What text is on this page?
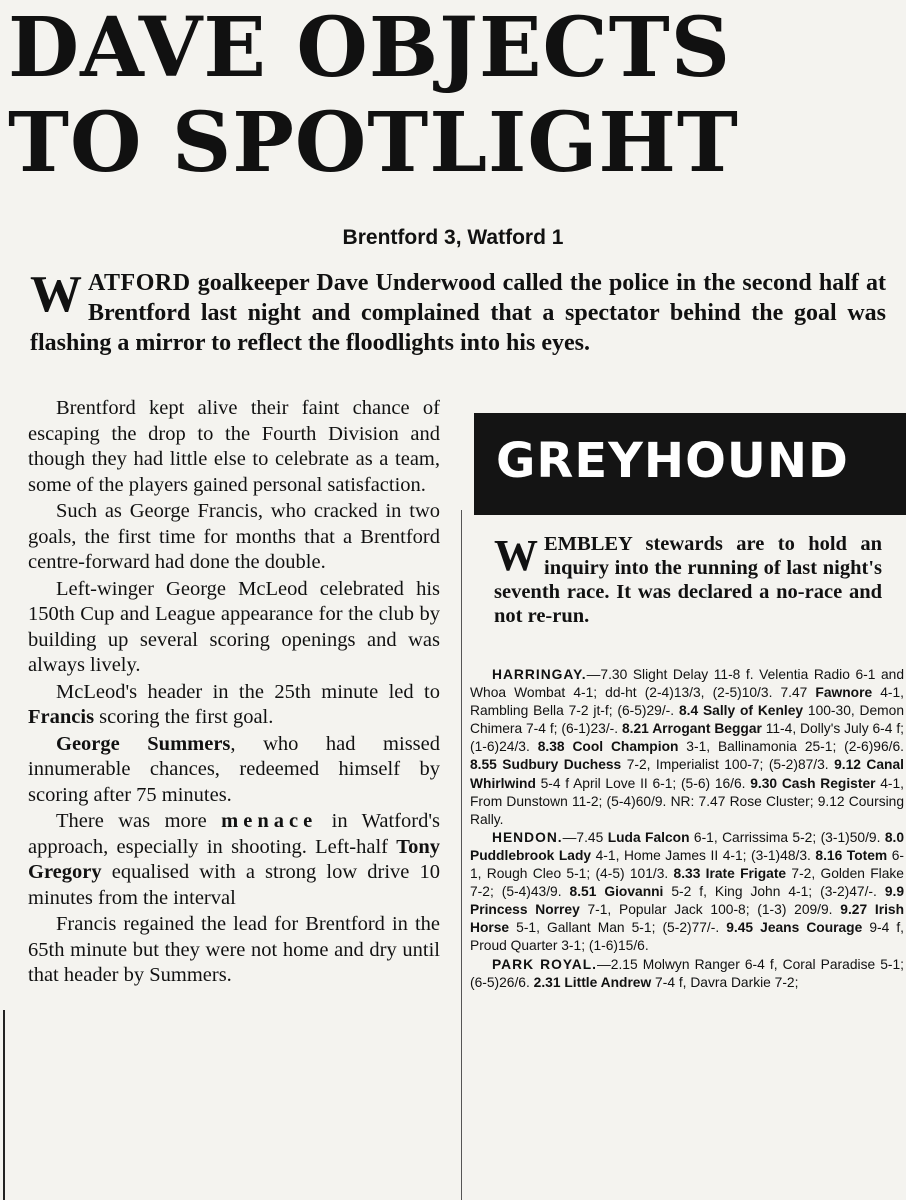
DAVE OBJECTS
TO SPOTLIGHT
Brentford 3, Watford 1

WATFORD goalkeeper Dave Underwood called the police in the second half at Brentford last night and complained that a spectator behind the goal was flashing a mirror to reflect the floodlights into his eyes.

Brentford kept alive their faint chance of escaping the drop to the Fourth Division and though they had little else to celebrate as a team, some of the players gained personal satisfaction.

Such as George Francis, who cracked in two goals, the first time for months that a Brentford centre-forward had done the double.

Left-winger George McLeod celebrated his 150th Cup and League appearance for the club by building up several scoring openings and was always lively.

McLeod's header in the 25th minute led to Francis scoring the first goal.

George Summers, who had missed innumerable chances, redeemed himself by scoring after 75 minutes.

There was more menace in Watford's approach, especially in shooting. Left-half Tony Gregory equalised with a strong low drive 10 minutes from the interval

Francis regained the lead for Brentford in the 65th minute but they were not home and dry until that header by Summers.

GREYHOUND

WEMBLEY stewards are to hold an inquiry into the running of last night's seventh race. It was declared a no-race and not re-run.

HARRINGAY.—7.30 Slight Delay 11-8 f. Velentia Radio 6-1 and Whoa Wombat 4-1; dd-ht (2-4)13/3, (2-5)10/3. 7.47 Fawnore 4-1, Rambling Bella 7-2 jt-f; (6-5)29/-. 8.4 Sally of Kenley 100-30, Demon Chimera 7-4 f; (6-1)23/-. 8.21 Arrogant Beggar 11-4, Dolly's July 6-4 f; (1-6)24/3. 8.38 Cool Champion 3-1, Ballinamonia 25-1; (2-6)96/6. 8.55 Sudbury Duchess 7-2, Imperialist 100-7; (5-2)87/3. 9.12 Canal Whirlwind 5-4 f April Love II 6-1; (5-6) 16/6. 9.30 Cash Register 4-1, From Dunstown 11-2; (5-4)60/9. NR: 7.47 Rose Cluster; 9.12 Coursing Rally.

HENDON.—7.45 Luda Falcon 6-1, Carrissima 5-2; (3-1)50/9. 8.0 Puddlebrook Lady 4-1, Home James II 4-1; (3-1)48/3. 8.16 Totem 6-1, Rough Cleo 5-1; (4-5) 101/3. 8.33 Irate Frigate 7-2, Golden Flake 7-2; (5-4)43/9. 8.51 Giovanni 5-2 f, King John 4-1; (3-2)47/-. 9.9 Princess Norrey 7-1, Popular Jack 100-8; (1-3) 209/9. 9.27 Irish Horse 5-1, Gallant Man 5-1; (5-2)77/-. 9.45 Jeans Courage 9-4 f, Proud Quarter 3-1; (1-6)15/6.

PARK ROYAL.—2.15 Molwyn Ranger 6-4 f, Coral Paradise 5-1; (6-5)26/6. 2.31 Little Andrew 7-4 f, Davra Darkie 7-2;
